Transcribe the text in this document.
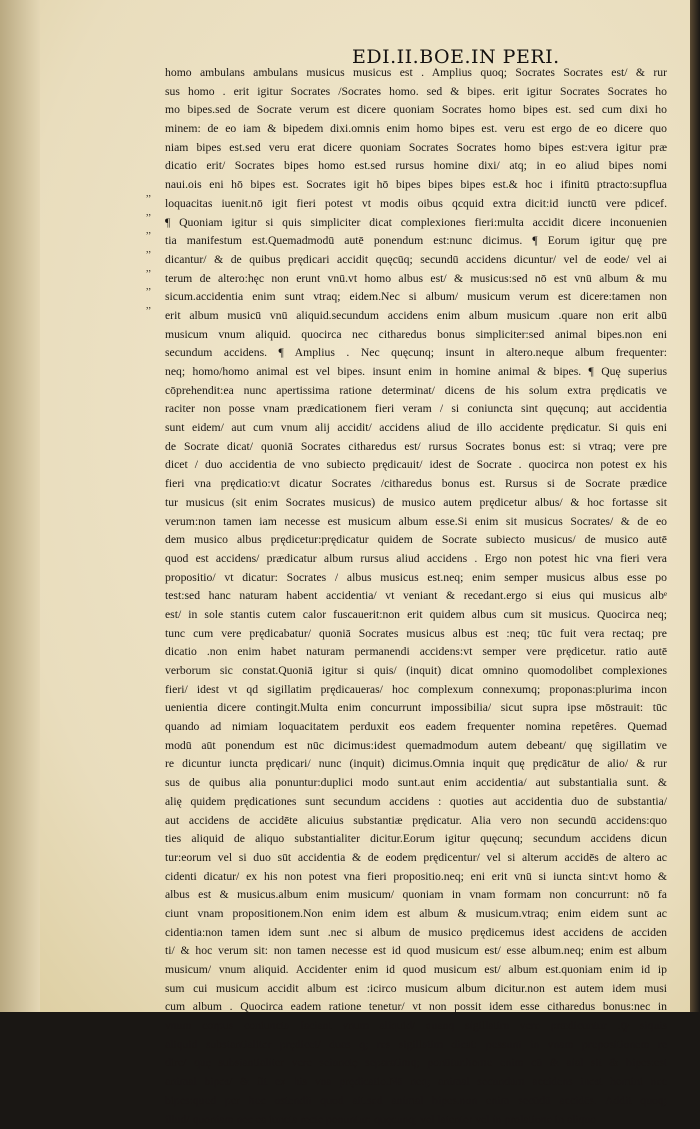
EDI.II.BOE.IN PERI.
,,
,,
,,
,,
,,
,,
,,
homo ambulans ambulans musicus musicus est . Amplius quoq; Socrates Socrates est/ & rur
sus homo . erit igitur Socrates /Socrates homo. sed & bipes. erit igitur Socrates Socrates ho
mo bipes.sed de Socrate verum est dicere quoniam Socrates homo bipes est. sed cum dixi ho
minem: de eo iam & bipedem dixi.omnis enim homo bipes est. veru est ergo de eo dicere quo
niam bipes est.sed veru erat dicere quoniam Socrates Socrates homo bipes est:vera igitur præ
dicatio erit/ Socrates bipes homo est.sed rursus homine dixi/ atq; in eo aliud bipes nomi
naui.ois eni hō bipes est. Socrates igit hō bipes bipes bipes est.& hoc i ifinitū ptracto:supflua
loquacitas iuenit.nō igit fieri potest vt modis oibus qcquid extra dicit:id iunctū vere pdicef.
¶ Quoniam igitur si quis simpliciter dicat complexiones fieri:multa accidit dicere inconuenien
tia manifestum est.Quemadmodū autē ponendum est:nunc dicimus. ¶ Eorum igitur quę pre
dicantur/ & de quibus prędicari accidit quęcūq; secundū accidens dicuntur/ vel de eode/ vel ai
terum de altero:hęc non erunt vnū.vt homo albus est/ & musicus:sed nō est vnū album & mu
sicum.accidentia enim sunt vtraq; eidem.Nec si album/ musicum verum est dicere:tamen non
erit album musicū vnū aliquid.secundum accidens enim album musicum .quare non erit albū
musicum vnum aliquid. quocirca nec citharedus bonus simpliciter:sed animal bipes.non eni
secundum accidens. ¶ Amplius . Nec quęcunq; insunt in altero.neque album frequenter:
neq; homo/homo animal est vel bipes. insunt enim in homine animal & bipes. ¶ Quę superius
cōprehendit:ea nunc apertissima ratione determinat/ dicens de his solum extra prędicatis ve
raciter non posse vnam prædicationem fieri veram / si coniuncta sint quęcunq; aut accidentia
sunt eidem/ aut cum vnum alij accidit/ accidens aliud de illo accidente prędicatur. Si quis eni
de Socrate dicat/ quoniā Socrates citharedus est/ rursus Socrates bonus est: si vtraq; vere pre
dicet / duo accidentia de vno subiecto prędicauit/ idest de Socrate . quocirca non potest ex his
fieri vna prędicatio:vt dicatur Socrates /citharedus bonus est. Rursus si de Socrate prædice
tur musicus (sit enim Socrates musicus) de musico autem prędicetur albus/ & hoc fortasse sit
verum:non tamen iam necesse est musicum album esse.Si enim sit musicus Socrates/ & de eo
dem musico albus prędicetur:prędicatur quidem de Socrate subiecto musicus/ de musico autē
quod est accidens/ prædicatur album rursus aliud accidens . Ergo non potest hic vna fieri vera
propositio/ vt dicatur: Socrates / albus musicus est.neq; enim semper musicus albus esse po
test:sed hanc naturam habent accidentia/ vt veniant & recedant.ergo si eius qui musicus albᵉ
est/ in sole stantis cutem calor fuscauerit:non erit quidem albus cum sit musicus. Quocirca neq;
tunc cum vere prędicabatur/ quoniā Socrates musicus albus est :neq; tūc fuit vera rectaq; pre
dicatio .non enim habet naturam permanendi accidens:vt semper vere prędicetur. ratio autē
verborum sic constat.Quoniā igitur si quis/ (inquit) dicat omnino quomodolibet complexiones
fieri/ idest vt qd sigillatim prędicaueras/ hoc complexum connexumq; proponas:plurima incon
uenientia dicere contingit.Multa enim concurrunt impossibilia/ sicut supra ipse mōstrauit: tūc
quando ad nimiam loquacitatem perduxit eos eadem frequenter nomina repetêres. Quemad
modū aūt ponendum est nūc dicimus:idest quemadmodum autem debeant/ quę sigillatim ve
re dicuntur iuncta prędicari/ nunc (inquit) dicimus.Omnia inquit quę prędicātur de alio/ & rur
sus de quibus alia ponuntur:duplici modo sunt.aut enim accidentia/ aut substantialia sunt. &
alię quidem prędicationes sunt secundum accidens : quoties aut accidentia duo de substantia/
aut accidens de accidēte alicuius substantiæ prędicatur. Alia vero non secundū accidens:quo
ties aliquid de aliquo substantialiter dicitur.Eorum igitur quęcunq; secundum accidens dicun
tur:eorum vel si duo sūt accidentia & de eodem prędicentur/ vel si alterum accidēs de altero ac
cidenti dicatur/ ex his non potest vna fieri propositio.neq; eni erit vnū si iuncta sint:vt homo &
albus est & musicus.album enim musicum/ quoniam in vnam formam non concurrunt: nō fa
ciunt vnam propositionem.Non enim idem est album & musicum.vtraq; enim eidem sunt ac
cidentia:non tamen idem sunt .nec si album de musico prędicemus idest accidens de acciden
ti/ & hoc verum sit: non tamen necesse est id quod musicum est/ esse album.neq; enim est album
musicum/ vnum aliquid. Accidenter enim id quod musicum est/ album est.quoniam enim id ip
sum cui musicum accidit album est :icirco musicum album dicitur.non est autem idem musi
cum album . Quocirca eadem ratione tenetur/ vt non possit idem esse citharedus bonus:nec in
vnum corpus coniuncta faciant vnum aliquid/ quanq sigillatim vere prædicuntur .ꝙ siquis
aliquid substantialiter prędicet/ duas q; res sigillatim dicat: possunt in vnam propositionem re
dire/ quę substantialiter vere seiunctę separatimq; ponūtur.homo enim cū & aial sit & bipes:est
animal bipes/ & fit ex his vna prędicatio.Nā neq; animal secundum accidens inest homini nec
bipes:quod per hoc ostendit quod ait.sed animal bipes.non enim secūdū accidēs. Addit quoq;
illud/ quoniam nec ea iuncta recte ponuntur: quęcunq; vel latenter vel in prolatione in aliquo
